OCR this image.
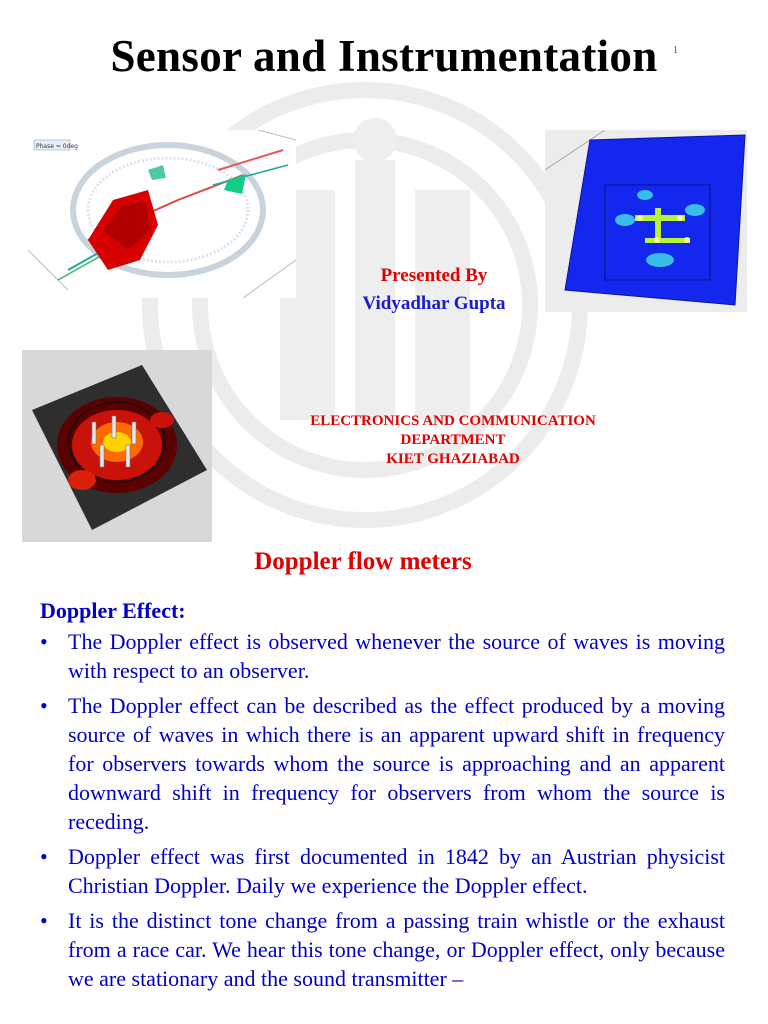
Sensor and Instrumentation	1
Phase = 0deg
Presented By
Vidyadhar Gupta
ELECTRONICS AND COMMUNICATION
DEPARTMENT
KIET GHAZIABAD
Doppler flow meters
Doppler Effect:
• The Doppler effect is observed whenever the source of waves is moving with respect to an observer.
• The Doppler effect can be described as the effect produced by a moving source of waves in which there is an apparent upward shift in frequency for observers towards whom the source is approaching and an apparent downward shift in frequency for observers from whom the source is receding.
• Doppler effect was first documented in 1842 by an Austrian physicist Christian Doppler. Daily we experience the Doppler effect.
• It is the distinct tone change from a passing train whistle or the exhaust from a race car. We hear this tone change, or Doppler effect, only because we are stationary and the sound transmitter –
